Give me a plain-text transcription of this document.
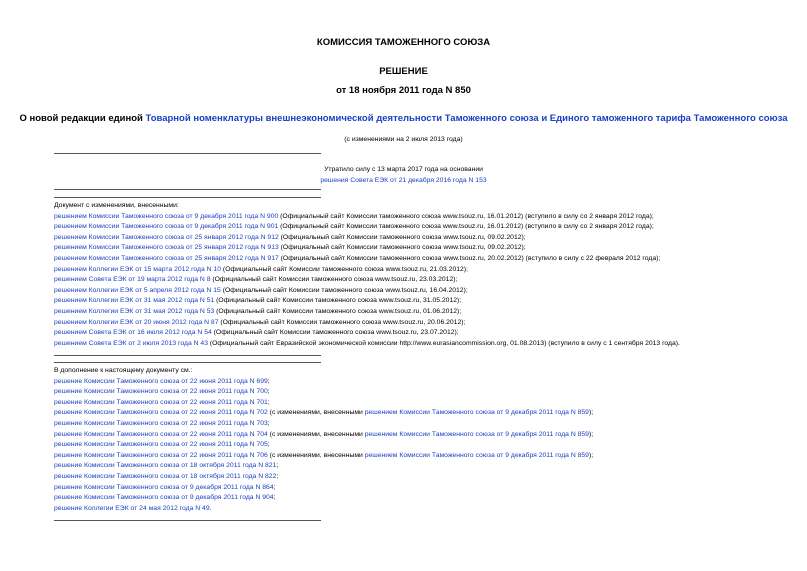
КОМИССИЯ ТАМОЖЕННОГО СОЮЗА
РЕШЕНИЕ
от 18 ноября 2011 года N 850
О новой редакции единой Товарной номенклатуры внешнеэкономической деятельности Таможенного союза и Единого таможенного тарифа Таможенного союза
(с изменениями на 2 июля 2013 года)
Утратило силу с 13 марта 2017 года на основании
решения Совета ЕЭК от 21 декабря 2016 года N 153
Документ с изменениями, внесенными:
решением Комиссии Таможенного союза от 9 декабря 2011 года N 900 (Официальный сайт Комиссии таможенного союза www.tsouz.ru, 16.01.2012) (вступило в силу со 2 января 2012 года);
решением Комиссии Таможенного союза от 9 декабря 2011 года N 901 (Официальный сайт Комиссии таможенного союза www.tsouz.ru, 16.01.2012) (вступило в силу со 2 января 2012 года);
решением Комиссии Таможенного союза от 25 января 2012 года N 912 (Официальный сайт Комиссии таможенного союза www.tsouz.ru, 09.02.2012);
решением Комиссии Таможенного союза от 25 января 2012 года N 913 (Официальный сайт Комиссии таможенного союза www.tsouz.ru, 09.02.2012);
решением Комиссии Таможенного союза от 25 января 2012 года N 917 (Официальный сайт Комиссии таможенного союза www.tsouz.ru, 20.02.2012) (вступило в силу с 22 февраля 2012 года);
решением Коллегии ЕЭК от 15 марта 2012 года N 10 (Официальный сайт Комиссии таможенного союза www.tsouz.ru, 21.03.2012);
решением Совета ЕЭК от 19 марта 2012 года N 8 (Официальный сайт Комиссии таможенного союза www.tsouz.ru, 23.03.2012);
решением Коллегии ЕЭК от 5 апреля 2012 года N 15 (Официальный сайт Комиссии таможенного союза www.tsouz.ru, 16.04.2012);
решением Коллегии ЕЭК от 31 мая 2012 года N 51 (Официальный сайт Комиссии таможенного союза www.tsouz.ru, 31.05.2012);
решением Коллегии ЕЭК от 31 мая 2012 года N 53 (Официальный сайт Комиссии таможенного союза www.tsouz.ru, 01.06.2012);
решением Коллегии ЕЭК от 20 июня 2012 года N 87 (Официальный сайт Комиссии таможенного союза www.tsouz.ru, 20.06.2012);
решением Совета ЕЭК от 16 июля 2012 года N 54 (Официальный сайт Комиссии таможенного союза www.tsouz.ru, 23.07.2012);
решением Совета ЕЭК от 2 июля 2013 года N 43 (Официальный сайт Евразийской экономической комиссии http://www.eurasiancommission.org, 01.08.2013) (вступило в силу с 1 сентября 2013 года).
В дополнение к настоящему документу см.:
решение Комиссии Таможенного союза от 22 июня 2011 года N 699;
решение Комиссии Таможенного союза от 22 июня 2011 года N 700;
решение Комиссии Таможенного союза от 22 июня 2011 года N 701;
решение Комиссии Таможенного союза от 22 июня 2011 года N 702 (с изменениями, внесенными решением Комиссии Таможенного союза от 9 декабря 2011 года N 859);
решение Комиссии Таможенного союза от 22 июня 2011 года N 703;
решение Комиссии Таможенного союза от 22 июня 2011 года N 704 (с изменениями, внесенными решением Комиссии Таможенного союза от 9 декабря 2011 года N 859);
решение Комиссии Таможенного союза от 22 июня 2011 года N 705;
решение Комиссии Таможенного союза от 22 июня 2011 года N 706 (с изменениями, внесенными решением Комиссии Таможенного союза от 9 декабря 2011 года N 859);
решение Комиссии Таможенного союза от 18 октября 2011 года N 821;
решение Комиссии Таможенного союза от 18 октября 2011 года N 822;
решение Комиссии Таможенного союза от 9 декабря 2011 года N 864;
решение Комиссии Таможенного союза от 9 декабря 2011 года N 904;
решение Коллегии ЕЭК от 24 мая 2012 года N 49.
